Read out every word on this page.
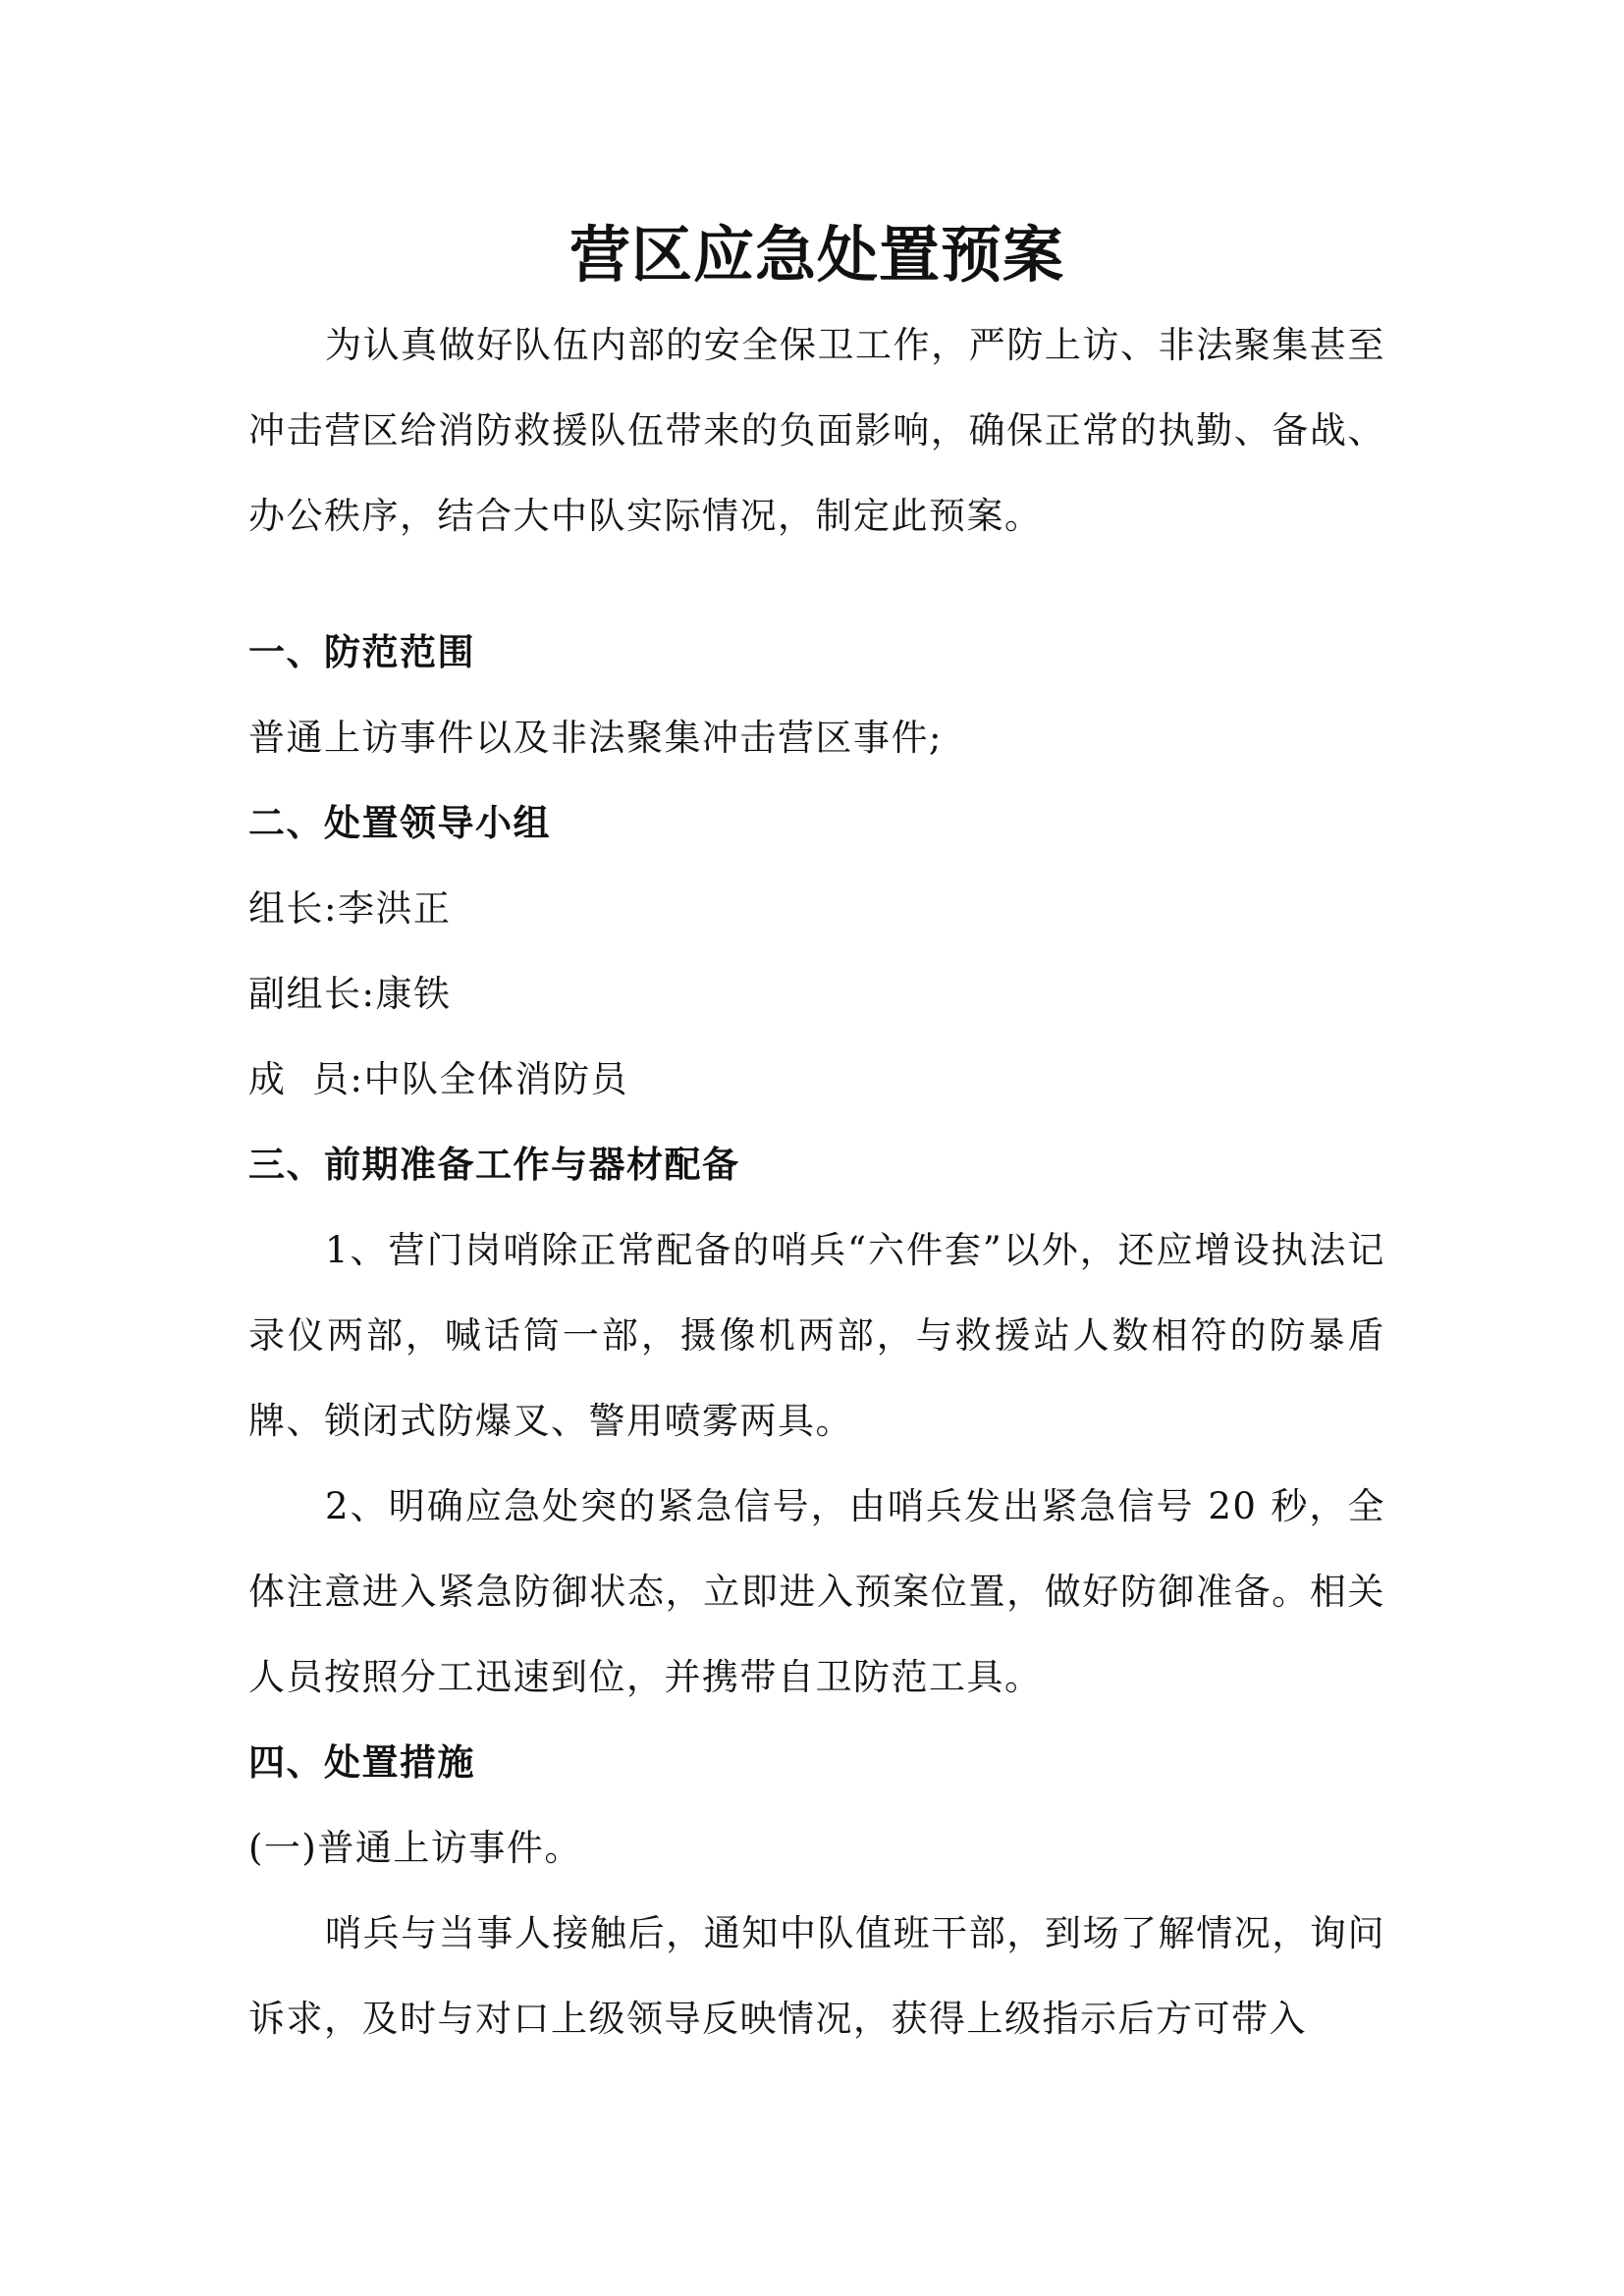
营区应急处置预案

为认真做好队伍内部的安全保卫工作，严防上访、非法聚集甚至冲击营区给消防救援队伍带来的负面影响，确保正常的执勤、备战、办公秩序，结合大中队实际情况，制定此预案。

一、防范范围

普通上访事件以及非法聚集冲击营区事件;

二、处置领导小组

组长:李洪正

副组长:康铁

成  员:中队全体消防员

三、前期准备工作与器材配备

1、营门岗哨除正常配备的哨兵“六件套”以外，还应增设执法记录仪两部，喊话筒一部，摄像机两部，与救援站人数相符的防暴盾牌、锁闭式防爆叉、警用喷雾两具。

2、明确应急处突的紧急信号，由哨兵发出紧急信号 20 秒，全体注意进入紧急防御状态，立即进入预案位置，做好防御准备。相关人员按照分工迅速到位，并携带自卫防范工具。

四、处置措施

(一)普通上访事件。

哨兵与当事人接触后，通知中队值班干部，到场了解情况，询问诉求，及时与对口上级领导反映情况，获得上级指示后方可带入
